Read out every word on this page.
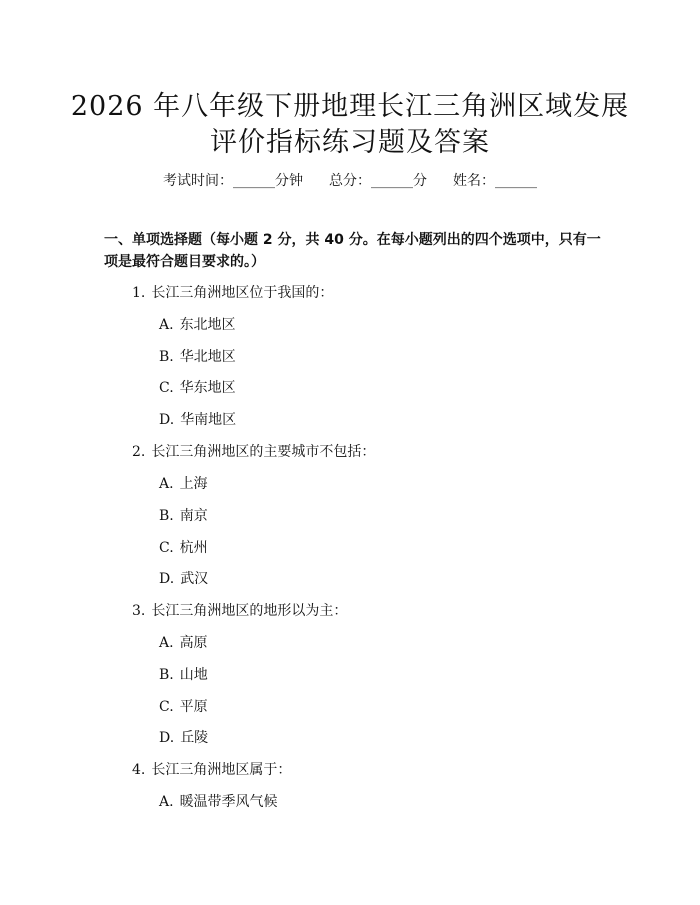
2026 年八年级下册地理长江三角洲区域发展
评价指标练习题及答案
考试时间：______分钟 总分：______分 姓名：______
一、单项选择题（每小题 2 分，共 40 分。在每小题列出的四个选项中，只有一项是最符合题目要求的。）
1. 长江三角洲地区位于我国的：
A. 东北地区
B. 华北地区
C. 华东地区
D. 华南地区
2. 长江三角洲地区的主要城市不包括：
A. 上海
B. 南京
C. 杭州
D. 武汉
3. 长江三角洲地区的地形以为主：
A. 高原
B. 山地
C. 平原
D. 丘陵
4. 长江三角洲地区属于：
A. 暖温带季风气候
